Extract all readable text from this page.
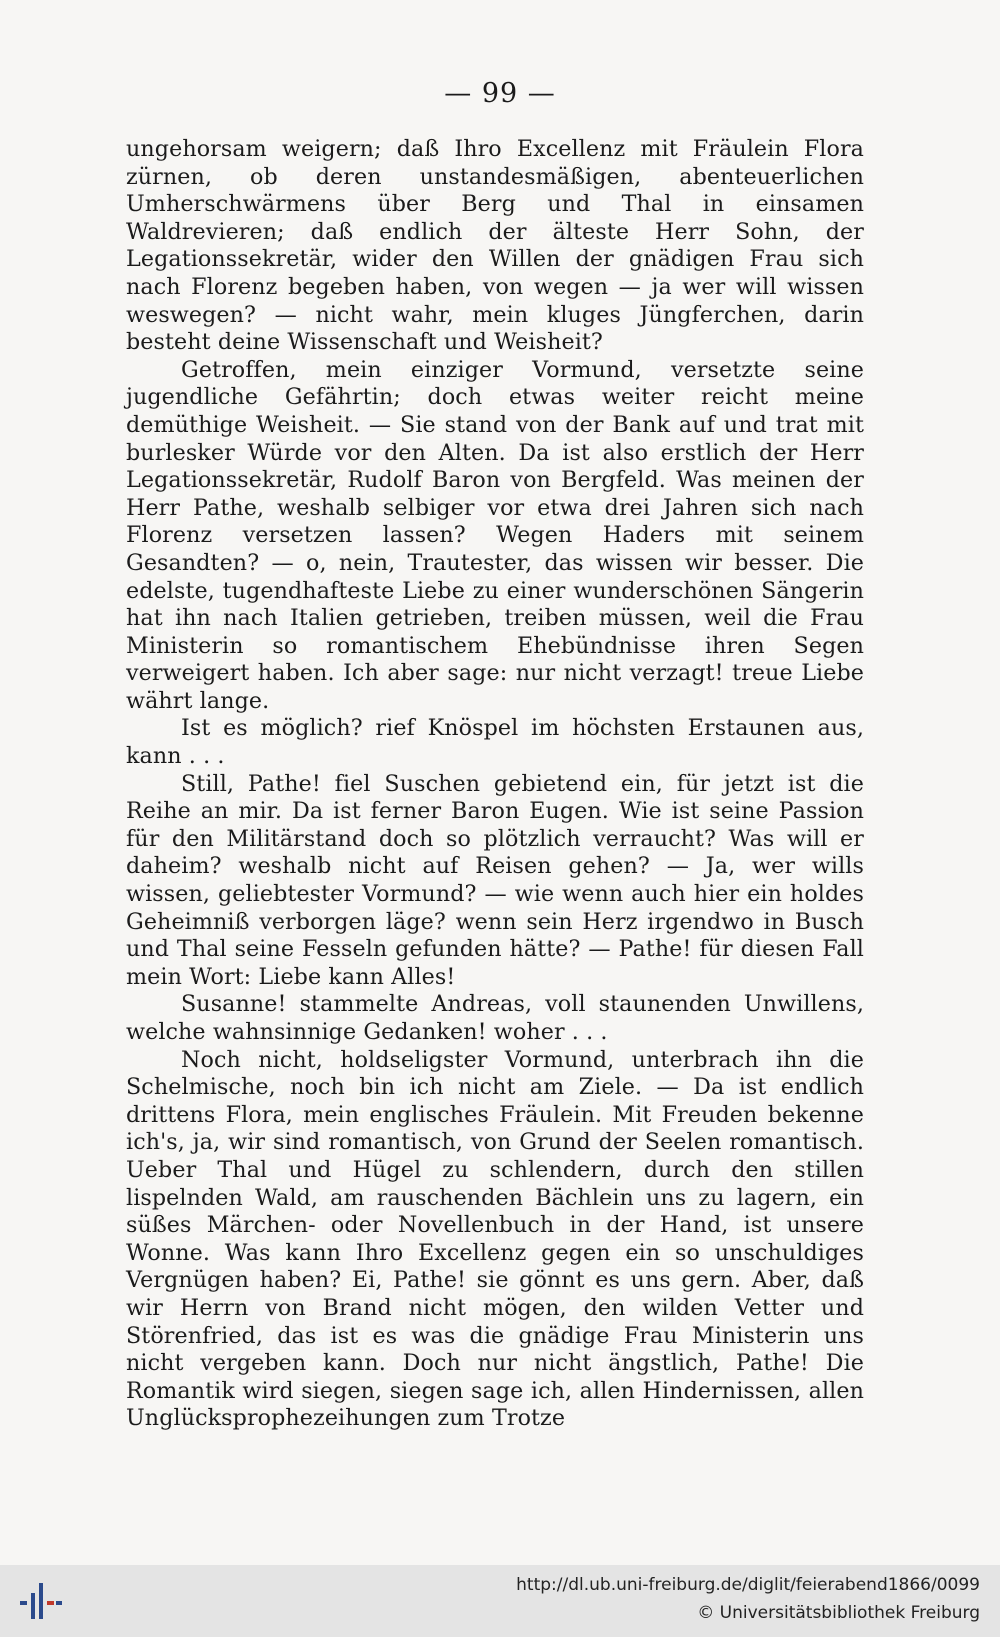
— 99 —

ungehorsam weigern; daß Ihro Excellenz mit Fräulein Flora zürnen, ob deren unstandesmäßigen, abenteuerlichen Umherschwärmens über Berg und Thal in einsamen Waldrevieren; daß endlich der älteste Herr Sohn, der Legationssekretär, wider den Willen der gnädigen Frau sich nach Florenz begeben haben, von wegen — ja wer will wissen weswegen? — nicht wahr, mein kluges Jüngferchen, darin besteht deine Wissenschaft und Weisheit?

Getroffen, mein einziger Vormund, versetzte seine jugendliche Gefährtin; doch etwas weiter reicht meine demüthige Weisheit. — Sie stand von der Bank auf und trat mit burlesker Würde vor den Alten. Da ist also erstlich der Herr Legationssekretär, Rudolf Baron von Bergfeld. Was meinen der Herr Pathe, weshalb selbiger vor etwa drei Jahren sich nach Florenz versetzen lassen? Wegen Haders mit seinem Gesandten? — o, nein, Trautester, das wissen wir besser. Die edelste, tugendhafteste Liebe zu einer wunderschönen Sängerin hat ihn nach Italien getrieben, treiben müssen, weil die Frau Ministerin so romantischem Ehebündnisse ihren Segen verweigert haben. Ich aber sage: nur nicht verzagt! treue Liebe währt lange.

Ist es möglich? rief Knöspel im höchsten Erstaunen aus, kann . . .

Still, Pathe! fiel Suschen gebietend ein, für jetzt ist die Reihe an mir. Da ist ferner Baron Eugen. Wie ist seine Passion für den Militärstand doch so plötzlich verraucht? Was will er daheim? weshalb nicht auf Reisen gehen? — Ja, wer wills wissen, geliebtester Vormund? — wie wenn auch hier ein holdes Geheimniß verborgen läge? wenn sein Herz irgendwo in Busch und Thal seine Fesseln gefunden hätte? — Pathe! für diesen Fall mein Wort: Liebe kann Alles!

Susanne! stammelte Andreas, voll staunenden Unwillens, welche wahnsinnige Gedanken! woher . . .

Noch nicht, holdseligster Vormund, unterbrach ihn die Schelmische, noch bin ich nicht am Ziele. — Da ist endlich drittens Flora, mein englisches Fräulein. Mit Freuden bekenne ich's, ja, wir sind romantisch, von Grund der Seelen romantisch. Ueber Thal und Hügel zu schlendern, durch den stillen lispelnden Wald, am rauschenden Bächlein uns zu lagern, ein süßes Märchen- oder Novellenbuch in der Hand, ist unsere Wonne. Was kann Ihro Excellenz gegen ein so unschuldiges Vergnügen haben? Ei, Pathe! sie gönnt es uns gern. Aber, daß wir Herrn von Brand nicht mögen, den wilden Vetter und Störenfried, das ist es was die gnädige Frau Ministerin uns nicht vergeben kann. Doch nur nicht ängstlich, Pathe! Die Romantik wird siegen, siegen sage ich, allen Hindernissen, allen Unglücksprophezeihungen zum Trotze

http://dl.ub.uni-freiburg.de/diglit/feierabend1866/0099
© Universitätsbibliothek Freiburg
